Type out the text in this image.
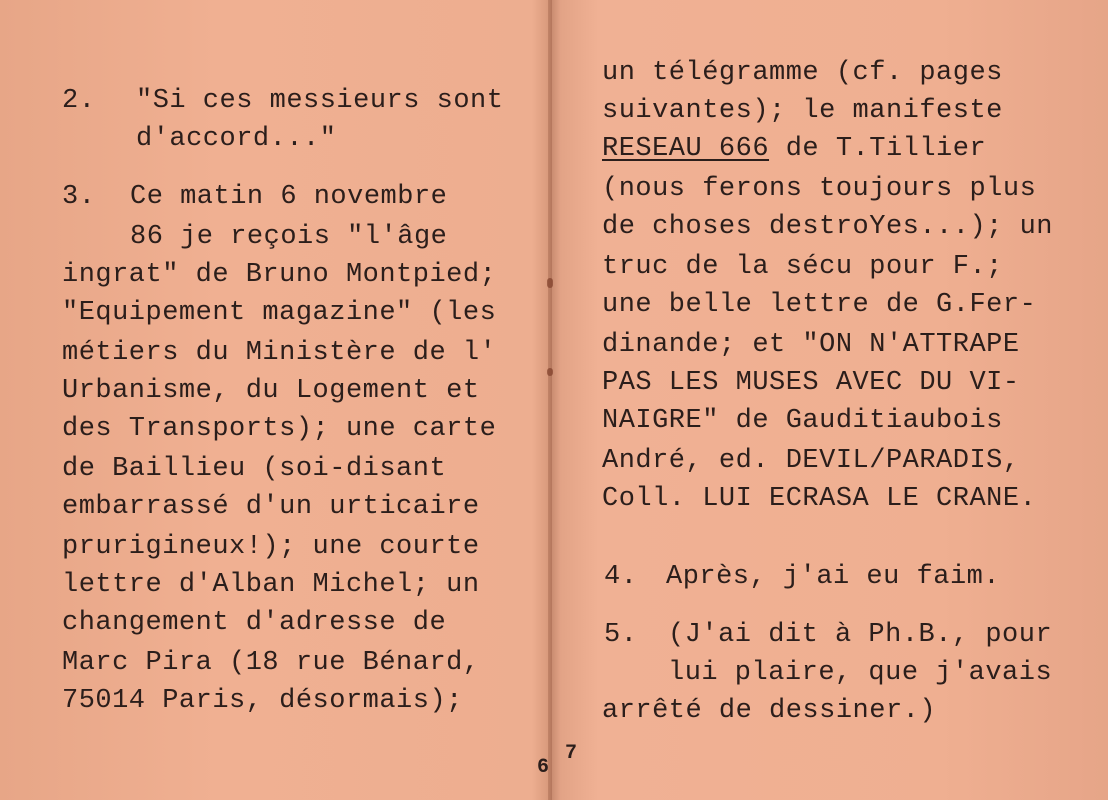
2. "Si ces messieurs sont
d'accord..."
3. Ce matin 6 novembre
86 je reçois "l'âge
ingrat" de Bruno Montpied;
"Equipement magazine" (les
métiers du Ministère de l'
Urbanisme, du Logement et
des Transports); une carte
de Baillieu (soi-disant
embarrassé d'un urticaire
prurigineux!); une courte
lettre d'Alban Michel; un
changement d'adresse de
Marc Pira (18 rue Bénard,
75014 Paris, désormais);
6
un télégramme (cf. pages
suivantes); le manifeste
RESEAU 666 de T.Tillier
(nous ferons toujours plus
de choses destroYes...); un
truc de la sécu pour F.;
une belle lettre de G.Fer-
dinande; et "ON N'ATTRAPE
PAS LES MUSES AVEC DU VI-
NAIGRE" de Gauditiaubois
André, ed. DEVIL/PARADIS,
Coll. LUI ECRASA LE CRANE.
4. Après, j'ai eu faim.
5. (J'ai dit à Ph.B., pour
lui plaire, que j'avais
arrêté de dessiner.)
7
